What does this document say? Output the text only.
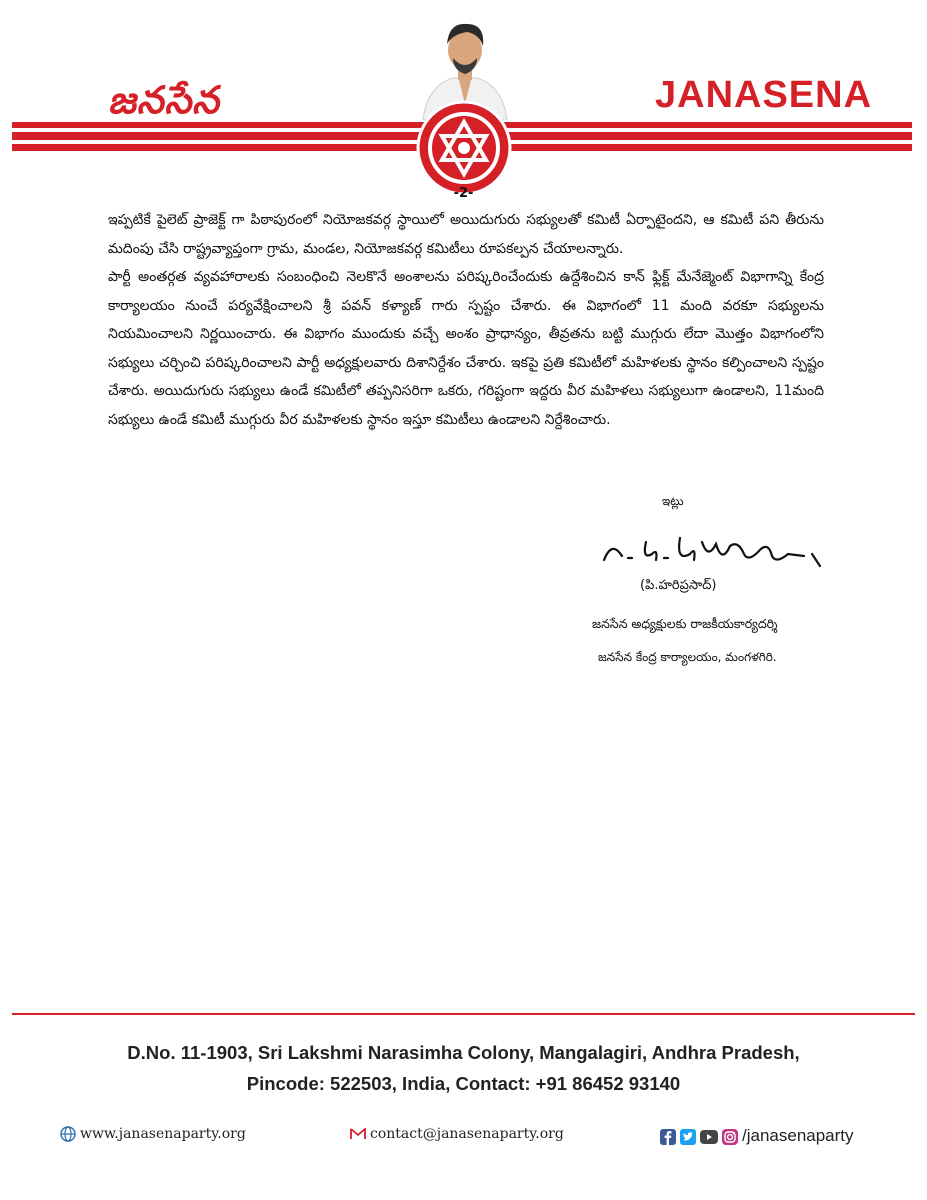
జనసేన	JANASENA
-2-

ఇప్పటికే పైలెట్ ప్రాజెక్ట్ గా పిఠాపురంలో నియోజకవర్గ స్థాయిలో అయిదుగురు సభ్యులతో కమిటీ ఏర్పాటైందని, ఆ కమిటీ పని తీరును మదింపు చేసి రాష్ట్రవ్యాప్తంగా గ్రామ, మండల, నియోజకవర్గ కమిటీలు రూపకల్పన చేయాలన్నారు.

పార్టీ అంతర్గత వ్యవహారాలకు సంబంధించి నెలకొనే అంశాలను పరిష్కరించేందుకు ఉద్దేశించిన కాన్ ఫ్లిక్ట్ మేనేజ్మెంట్ విభాగాన్ని కేంద్ర కార్యాలయం నుంచే పర్యవేక్షించాలని శ్రీ పవన్ కళ్యాణ్ గారు స్పష్టం చేశారు. ఈ విభాగంలో 11 మంది వరకూ సభ్యులను నియమించాలని నిర్ణయించారు. ఈ విభాగం ముందుకు వచ్చే అంశం ప్రాధాన్యం, తీవ్రతను బట్టి ముగ్గురు లేదా మొత్తం విభాగంలోని సభ్యులు చర్చించి పరిష్కరించాలని పార్టీ అధ్యక్షులవారు దిశానిర్దేశం చేశారు. ఇకపై ప్రతి కమిటీలో మహిళలకు స్థానం కల్పించాలని స్పష్టం చేశారు. అయిదుగురు సభ్యులు ఉండే కమిటీలో తప్పనిసరిగా ఒకరు, గరిష్టంగా ఇద్దరు వీర మహిళలు సభ్యులుగా ఉండాలని, 11మంది సభ్యులు ఉండే కమిటీ ముగ్గురు వీర మహిళలకు స్థానం ఇస్తూ కమిటీలు ఉండాలని నిర్దేశించారు.

ఇట్లు
(పి.హరిప్రసాద్)
జనసేన అధ్యక్షులకు రాజకీయకార్యదర్శి
జనసేన కేంద్ర కార్యాలయం, మంగళగిరి.
D.No. 11-1903, Sri Lakshmi Narasimha Colony, Mangalagiri, Andhra Pradesh,
Pincode: 522503, India, Contact: +91 86452 93140
www.janasenaparty.org	contact@janasenaparty.org	/janasenaparty
